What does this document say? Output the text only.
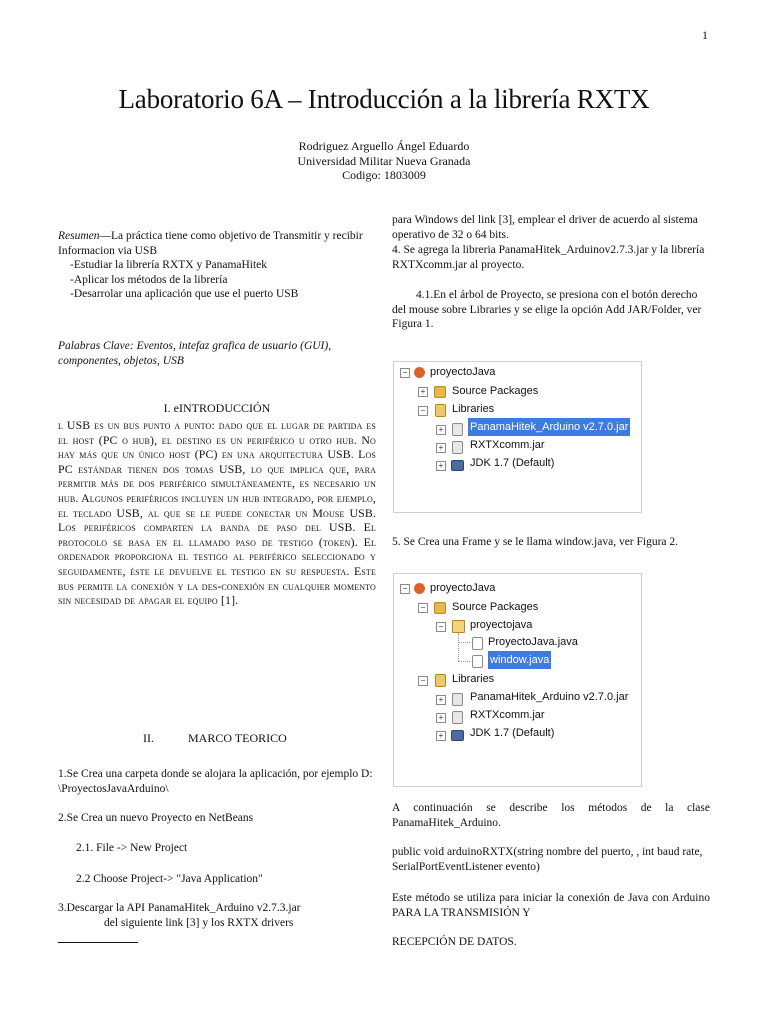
1
Laboratorio 6A – Introducción a la librería RXTX
Rodriguez Arguello Ángel Eduardo
Universidad Militar Nueva Granada
Codigo: 1803009
Resumen—La práctica tiene como objetivo de Transmitir y recibir Informacion via USB
-Estudiar la librería RXTX y PanamaHitek
-Aplicar los métodos de la librería
-Desarrolar una aplicación que use el puerto USB
Palabras Clave: Eventos, intefaz grafica de usuario (GUI), componentes, objetos, USB
I. eINTRODUCCIÓN
l USB es un bus punto a punto: dado que el lugar de partida es el host (PC o hub), el destino es un periférico u otro hub. No hay más que un único host (PC) en una arquitectura USB. Los PC estándar tienen dos tomas USB, lo que implica que, para permitir más de dos periférico simultáneamente, es necesario un hub. Algunos periféricos incluyen un hub integrado, por ejemplo, el teclado USB, al que se le puede conectar un Mouse USB. Los periféricos comparten la banda de paso del USB. El protocolo se basa en el llamado paso de testigo (token). El ordenador proporciona el testigo al periférico seleccionado y seguidamente, éste le devuelve el testigo en su respuesta. Este bus permite la conexión y la des-conexión en cualquier momento sin necesidad de apagar el equipo [1].
II.	MARCO TEORICO
1.Se Crea una carpeta donde se alojara la aplicación, por ejemplo D: \ProyectosJavaArduino\
2.Se Crea un nuevo Proyecto en NetBeans
2.1. File -> New Project
2.2 Choose Project-> "Java Application"
3.Descargar la API PanamaHitek_Arduino v2.7.3.jar
del siguiente link [3] y los RXTX drivers
para Windows del link [3], emplear el driver de acuerdo al sistema operativo de 32 o 64 bits.
4. Se agrega la libreria PanamaHitek_Arduinov2.7.3.jar y la librería RXTXcomm.jar al proyecto.
4.1.En el árbol de Proyecto, se presiona con el botón derecho del mouse sobre Libraries y se elige la opción Add JAR/Folder, ver Figura 1.
− proyectoJava
+ Source Packages
− Libraries
+ PanamaHitek_Arduino v2.7.0.jar
+ RXTXcomm.jar
+ JDK 1.7 (Default)
5. Se Crea una Frame y se le llama window.java, ver Figura 2.
− proyectoJava
− Source Packages
− proyectojava
ProyectoJava.java
window.java
− Libraries
+ PanamaHitek_Arduino v2.7.0.jar
+ RXTXcomm.jar
+ JDK 1.7 (Default)
A continuación se describe los métodos de la clase PanamaHitek_Arduino.
public void arduinoRXTX(string nombre del puerto, , int baud rate, SerialPortEventListener evento)
Este método se utiliza para iniciar la conexión de Java con Arduino PARA LA TRANSMISIÓN Y
RECEPCIÓN DE DATOS.
